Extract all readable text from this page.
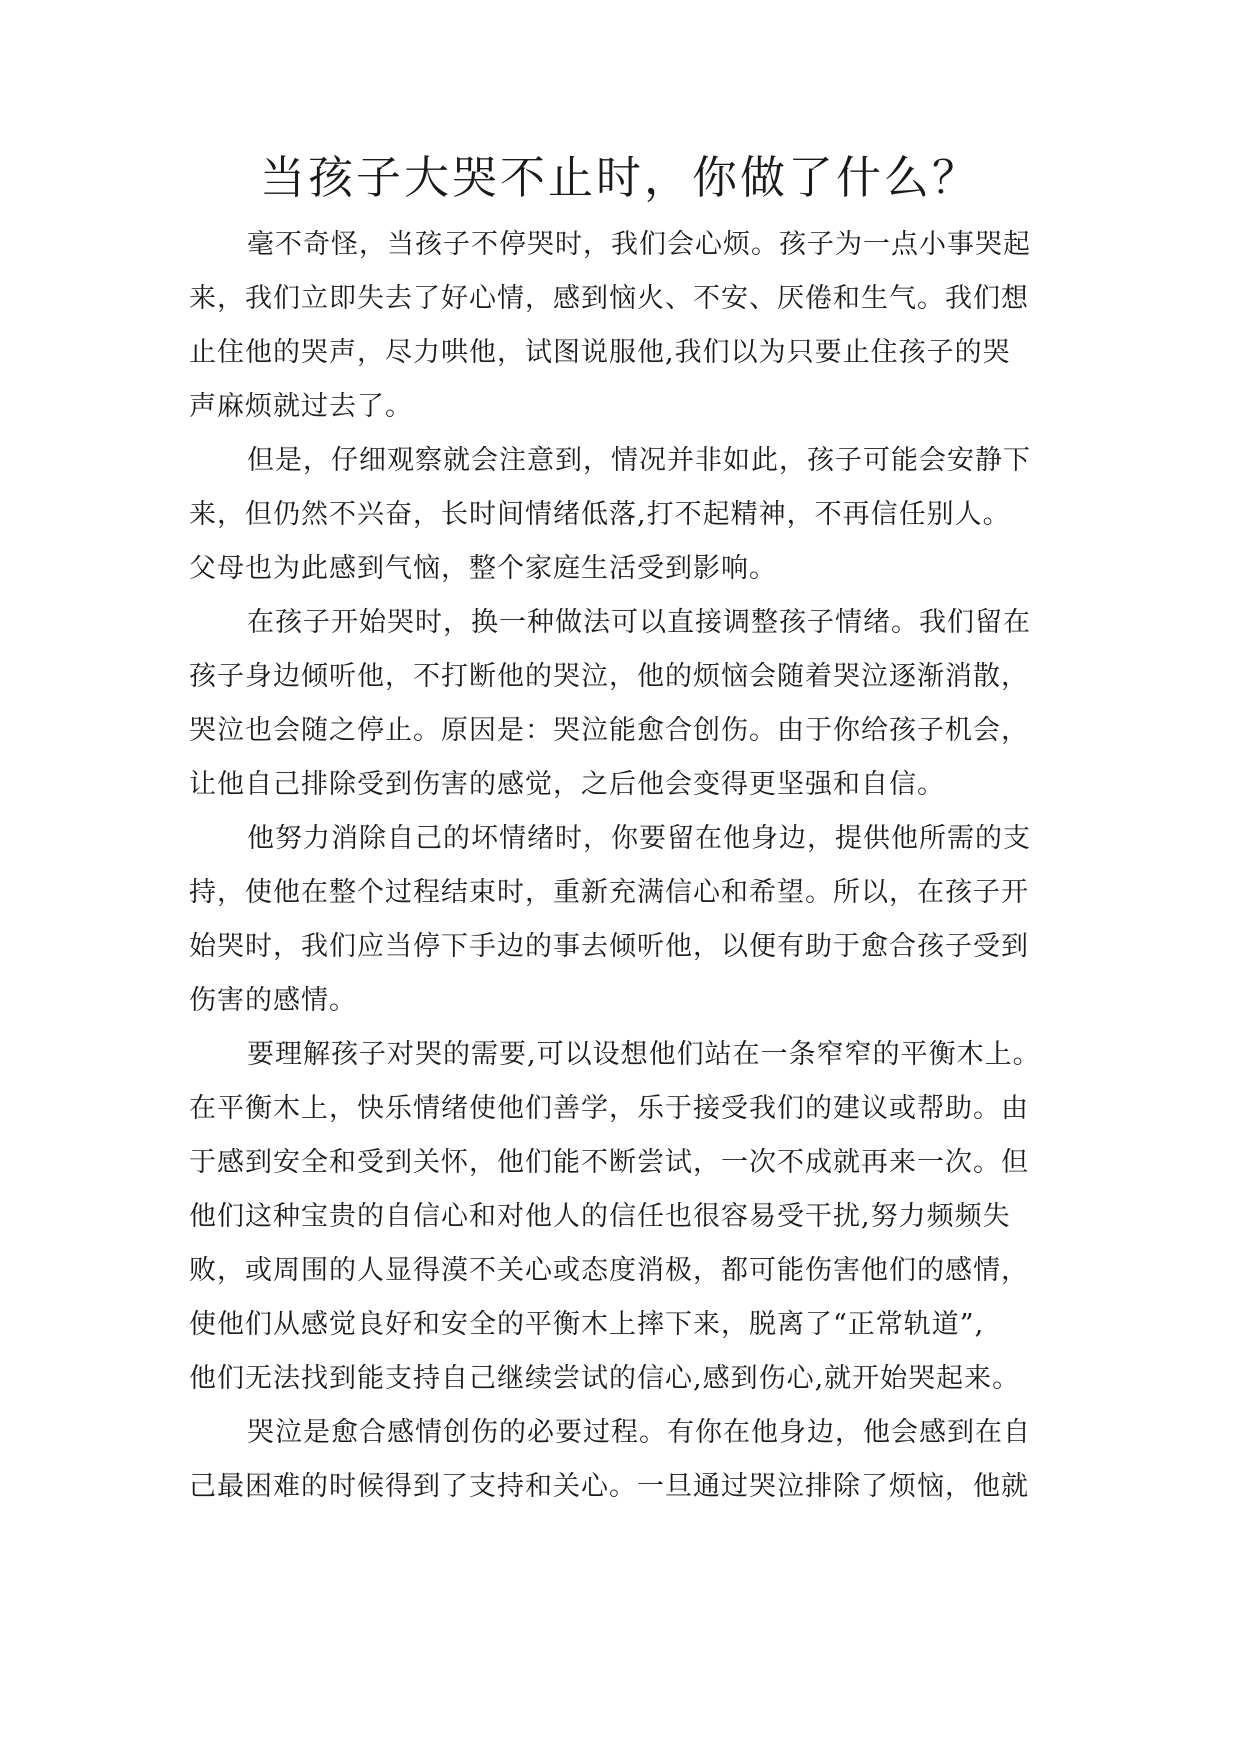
当孩子大哭不止时，你做了什么？

毫不奇怪，当孩子不停哭时，我们会心烦。孩子为一点小事哭起
来，我们立即失去了好心情，感到恼火、不安、厌倦和生气。我们想
止住他的哭声，尽力哄他，试图说服他,我们以为只要止住孩子的哭
声麻烦就过去了。

但是，仔细观察就会注意到，情况并非如此，孩子可能会安静下
来，但仍然不兴奋，长时间情绪低落,打不起精神，不再信任别人。
父母也为此感到气恼，整个家庭生活受到影响。

在孩子开始哭时，换一种做法可以直接调整孩子情绪。我们留在
孩子身边倾听他，不打断他的哭泣，他的烦恼会随着哭泣逐渐消散，
哭泣也会随之停止。原因是：哭泣能愈合创伤。由于你给孩子机会，
让他自己排除受到伤害的感觉，之后他会变得更坚强和自信。

他努力消除自己的坏情绪时，你要留在他身边，提供他所需的支
持，使他在整个过程结束时，重新充满信心和希望。所以，在孩子开
始哭时，我们应当停下手边的事去倾听他，以便有助于愈合孩子受到
伤害的感情。

要理解孩子对哭的需要,可以设想他们站在一条窄窄的平衡木上。
在平衡木上，快乐情绪使他们善学，乐于接受我们的建议或帮助。由
于感到安全和受到关怀，他们能不断尝试，一次不成就再来一次。但
他们这种宝贵的自信心和对他人的信任也很容易受干扰,努力频频失
败，或周围的人显得漠不关心或态度消极，都可能伤害他们的感情，
使他们从感觉良好和安全的平衡木上摔下来，脱离了“正常轨道”,
他们无法找到能支持自己继续尝试的信心,感到伤心,就开始哭起来。

哭泣是愈合感情创伤的必要过程。有你在他身边，他会感到在自
己最困难的时候得到了支持和关心。一旦通过哭泣排除了烦恼，他就
